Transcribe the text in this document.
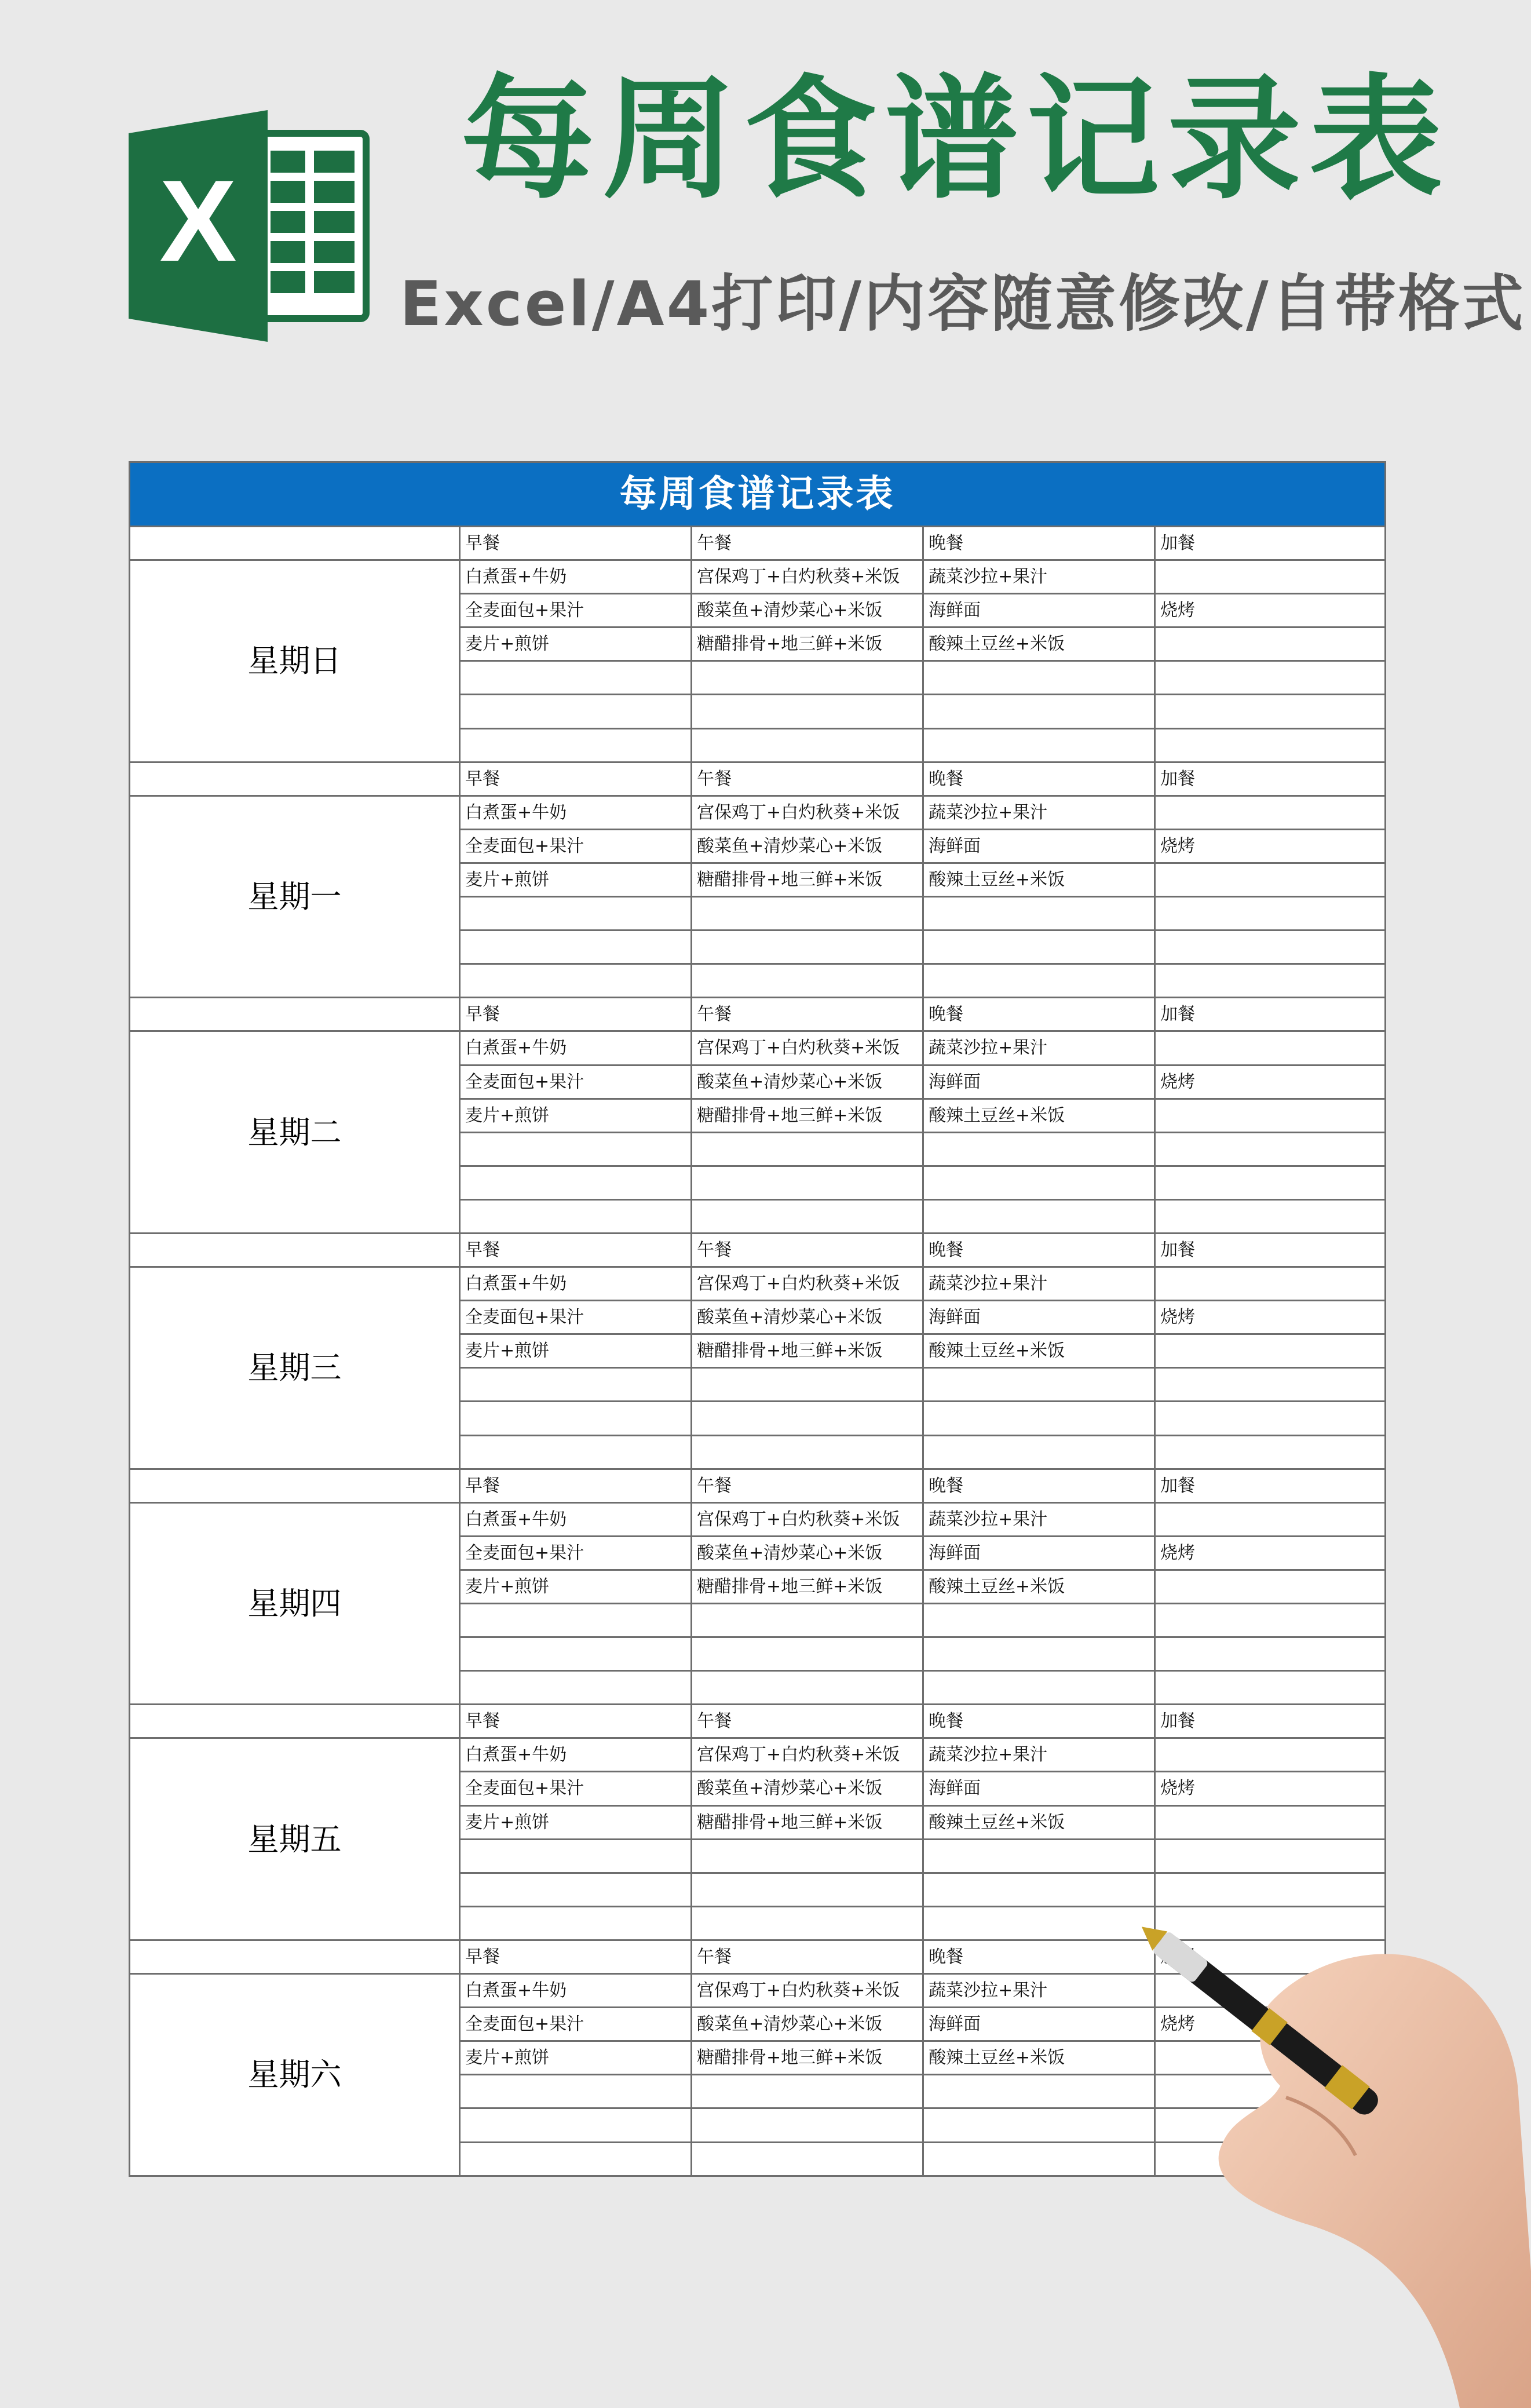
X
每周食谱记录表
Excel/A4打印/内容随意修改/自带格式
每周食谱记录表
早餐	午餐	晚餐	加餐
星期日
白煮蛋+牛奶	宫保鸡丁+白灼秋葵+米饭	蔬菜沙拉+果汁
全麦面包+果汁	酸菜鱼+清炒菜心+米饭	海鲜面	烧烤
麦片+煎饼	糖醋排骨+地三鲜+米饭	酸辣土豆丝+米饭
早餐	午餐	晚餐	加餐
星期一
白煮蛋+牛奶	宫保鸡丁+白灼秋葵+米饭	蔬菜沙拉+果汁
全麦面包+果汁	酸菜鱼+清炒菜心+米饭	海鲜面	烧烤
麦片+煎饼	糖醋排骨+地三鲜+米饭	酸辣土豆丝+米饭
早餐	午餐	晚餐	加餐
星期二
白煮蛋+牛奶	宫保鸡丁+白灼秋葵+米饭	蔬菜沙拉+果汁
全麦面包+果汁	酸菜鱼+清炒菜心+米饭	海鲜面	烧烤
麦片+煎饼	糖醋排骨+地三鲜+米饭	酸辣土豆丝+米饭
早餐	午餐	晚餐	加餐
星期三
白煮蛋+牛奶	宫保鸡丁+白灼秋葵+米饭	蔬菜沙拉+果汁
全麦面包+果汁	酸菜鱼+清炒菜心+米饭	海鲜面	烧烤
麦片+煎饼	糖醋排骨+地三鲜+米饭	酸辣土豆丝+米饭
早餐	午餐	晚餐	加餐
星期四
白煮蛋+牛奶	宫保鸡丁+白灼秋葵+米饭	蔬菜沙拉+果汁
全麦面包+果汁	酸菜鱼+清炒菜心+米饭	海鲜面	烧烤
麦片+煎饼	糖醋排骨+地三鲜+米饭	酸辣土豆丝+米饭
早餐	午餐	晚餐	加餐
星期五
白煮蛋+牛奶	宫保鸡丁+白灼秋葵+米饭	蔬菜沙拉+果汁
全麦面包+果汁	酸菜鱼+清炒菜心+米饭	海鲜面	烧烤
麦片+煎饼	糖醋排骨+地三鲜+米饭	酸辣土豆丝+米饭
早餐	午餐	晚餐
星期六
白煮蛋+牛奶	宫保鸡丁+白灼秋葵+米饭	蔬菜沙拉+果汁
全麦面包+果汁	酸菜鱼+清炒菜心+米饭	海鲜面	烧烤
麦片+煎饼	糖醋排骨+地三鲜+米饭	酸辣土豆丝+米饭
